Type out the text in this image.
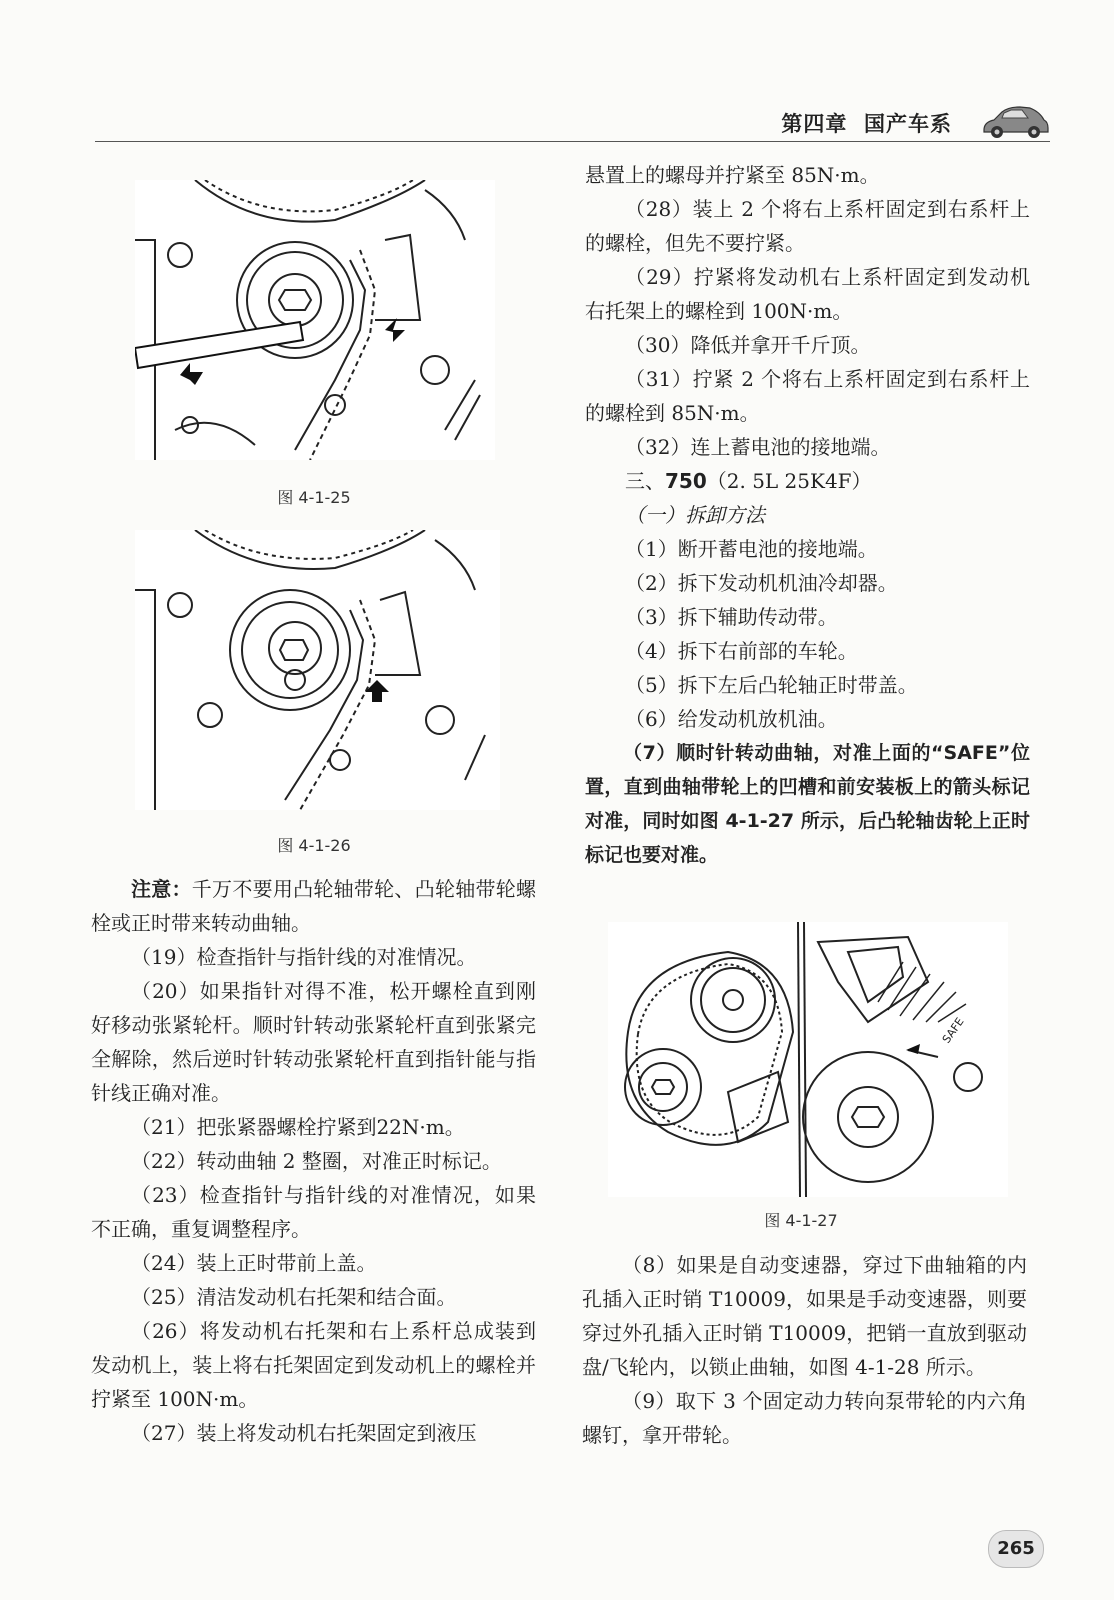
第四章  国产车系
图 4-1-25
图 4-1-26

注意：千万不要用凸轮轴带轮、凸轮轴带轮螺栓或正时带来转动曲轴。

（19）检查指针与指针线的对准情况。

（20）如果指针对得不准，松开螺栓直到刚好移动张紧轮杆。顺时针转动张紧轮杆直到张紧完全解除，然后逆时针转动张紧轮杆直到指针能与指针线正确对准。

（21）把张紧器螺栓拧紧到22N·m。

（22）转动曲轴 2 整圈，对准正时标记。

（23）检查指针与指针线的对准情况，如果不正确，重复调整程序。

（24）装上正时带前上盖。

（25）清洁发动机右托架和结合面。

（26）将发动机右托架和右上系杆总成装到发动机上，装上将右托架固定到发动机上的螺栓并拧紧至 100N·m。

（27）装上将发动机右托架固定到液压

悬置上的螺母并拧紧至 85N·m。

（28）装上 2 个将右上系杆固定到右系杆上的螺栓，但先不要拧紧。

（29）拧紧将发动机右上系杆固定到发动机右托架上的螺栓到 100N·m。

（30）降低并拿开千斤顶。

（31）拧紧 2 个将右上系杆固定到右系杆上的螺栓到 85N·m。

（32）连上蓄电池的接地端。

三、750（2. 5L 25K4F）

（一）拆卸方法

（1）断开蓄电池的接地端。

（2）拆下发动机机油冷却器。

（3）拆下辅助传动带。

（4）拆下右前部的车轮。

（5）拆下左后凸轮轴正时带盖。

（6）给发动机放机油。

（7）顺时针转动曲轴，对准上面的“SAFE”位置，直到曲轴带轮上的凹槽和前安装板上的箭头标记对准，同时如图 4-1-27 所示，后凸轮轴齿轮上正时标记也要对准。

SAFE
图 4-1-27

（8）如果是自动变速器，穿过下曲轴箱的内孔插入正时销 T10009，如果是手动变速器，则要穿过外孔插入正时销 T10009，把销一直放到驱动盘/飞轮内，以锁止曲轴，如图 4-1-28 所示。

（9）取下 3 个固定动力转向泵带轮的内六角螺钉，拿开带轮。

265
